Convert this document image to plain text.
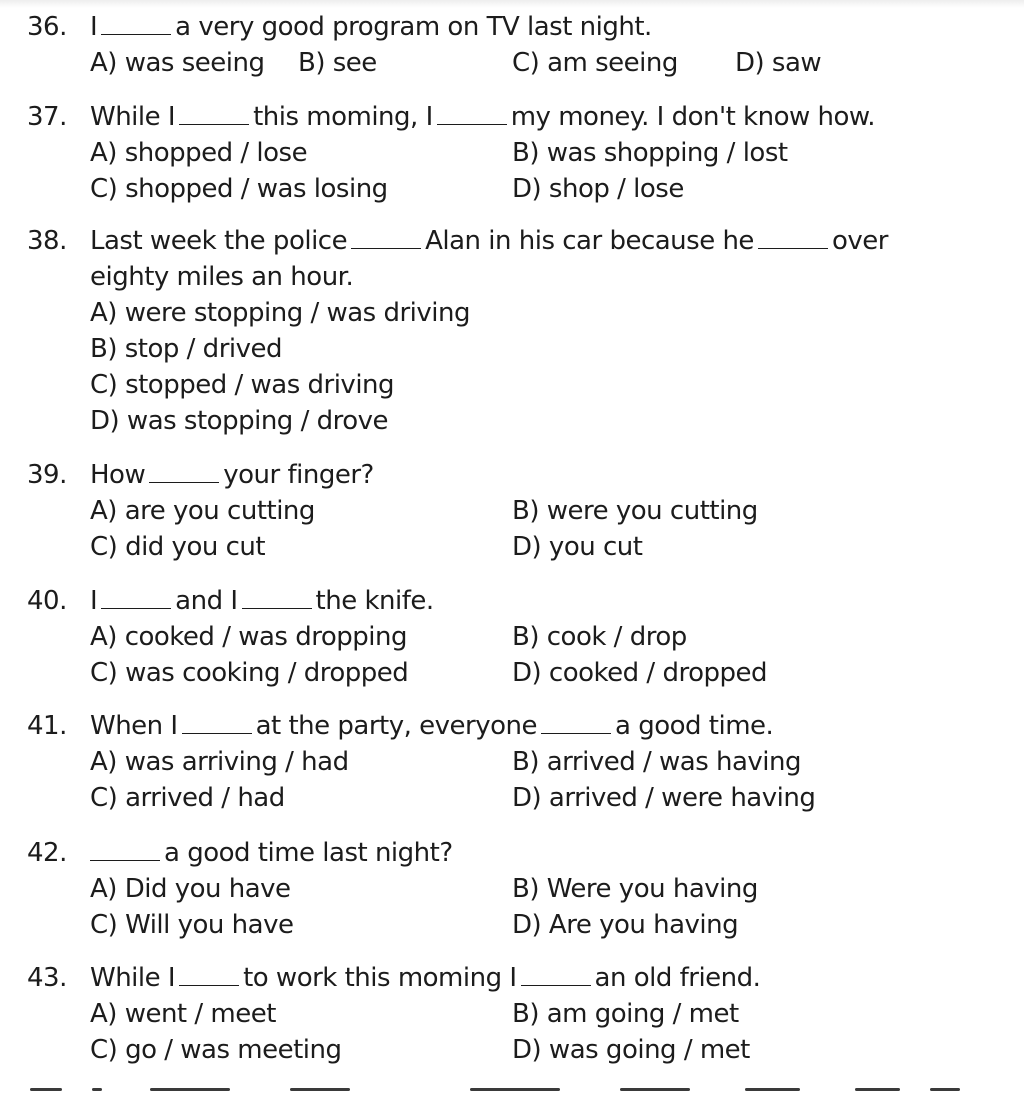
36. I	a very good program on TV last night.
A) was seeing B) see	C) am seeing D) saw
37. While I	this moming, I	my money. I don't know how.
A) shopped / lose	B) was shopping / lost
C) shopped / was losing	D) shop / lose
38. Last week the police	Alan in his car because he	over
eighty miles an hour.
A) were stopping / was driving
B) stop / drived
C) stopped / was driving
D) was stopping / drove
39. How	your finger?
A) are you cutting	B) were you cutting
C) did you cut	D) you cut
40. I	and I	the knife.
A) cooked / was dropping	B) cook / drop
C) was cooking / dropped	D) cooked / dropped
41. When I	at the party, everyone	a good time.
A) was arriving / had	B) arrived / was having
C) arrived / had	D) arrived / were having
42.	a good time last night?
A) Did you have	B) Were you having
C) Will you have	D) Are you having
43. While I	to work this moming I	an old friend.
A) went / meet	B) am going / met
C) go / was meeting	D) was going / met
